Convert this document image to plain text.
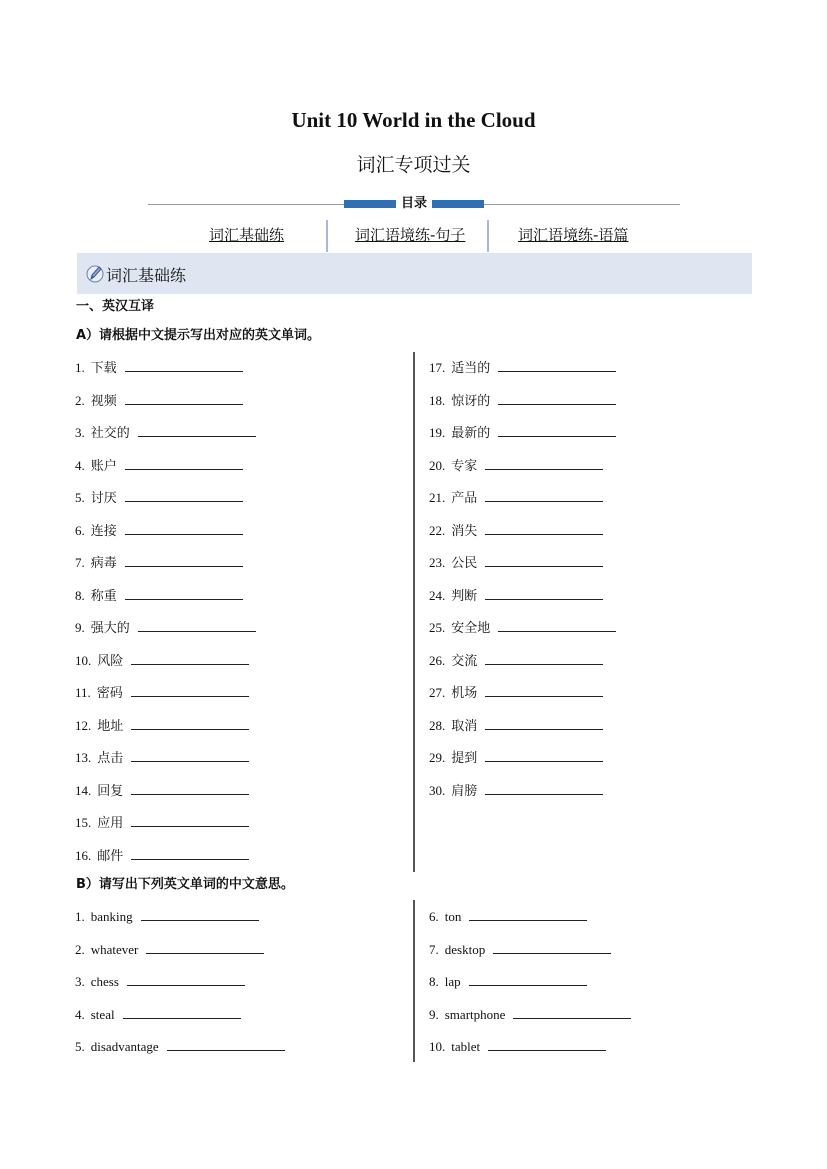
Unit 10 World in the Cloud
词汇专项过关
目录
词汇基础练	词汇语境练-句子	词汇语境练-语篇
词汇基础练
一、英汉互译
A）请根据中文提示写出对应的英文单词。
1. 下载
2. 视频
3. 社交的
4. 账户
5. 讨厌
6. 连接
7. 病毒
8. 称重
9. 强大的
10. 风险
11. 密码
12. 地址
13. 点击
14. 回复
15. 应用
16. 邮件
17. 适当的
18. 惊讶的
19. 最新的
20. 专家
21. 产品
22. 消失
23. 公民
24. 判断
25. 安全地
26. 交流
27. 机场
28. 取消
29. 提到
30. 肩膀
B）请写出下列英文单词的中文意思。
1. banking
2. whatever
3. chess
4. steal
5. disadvantage
6. ton
7. desktop
8. lap
9. smartphone
10. tablet
